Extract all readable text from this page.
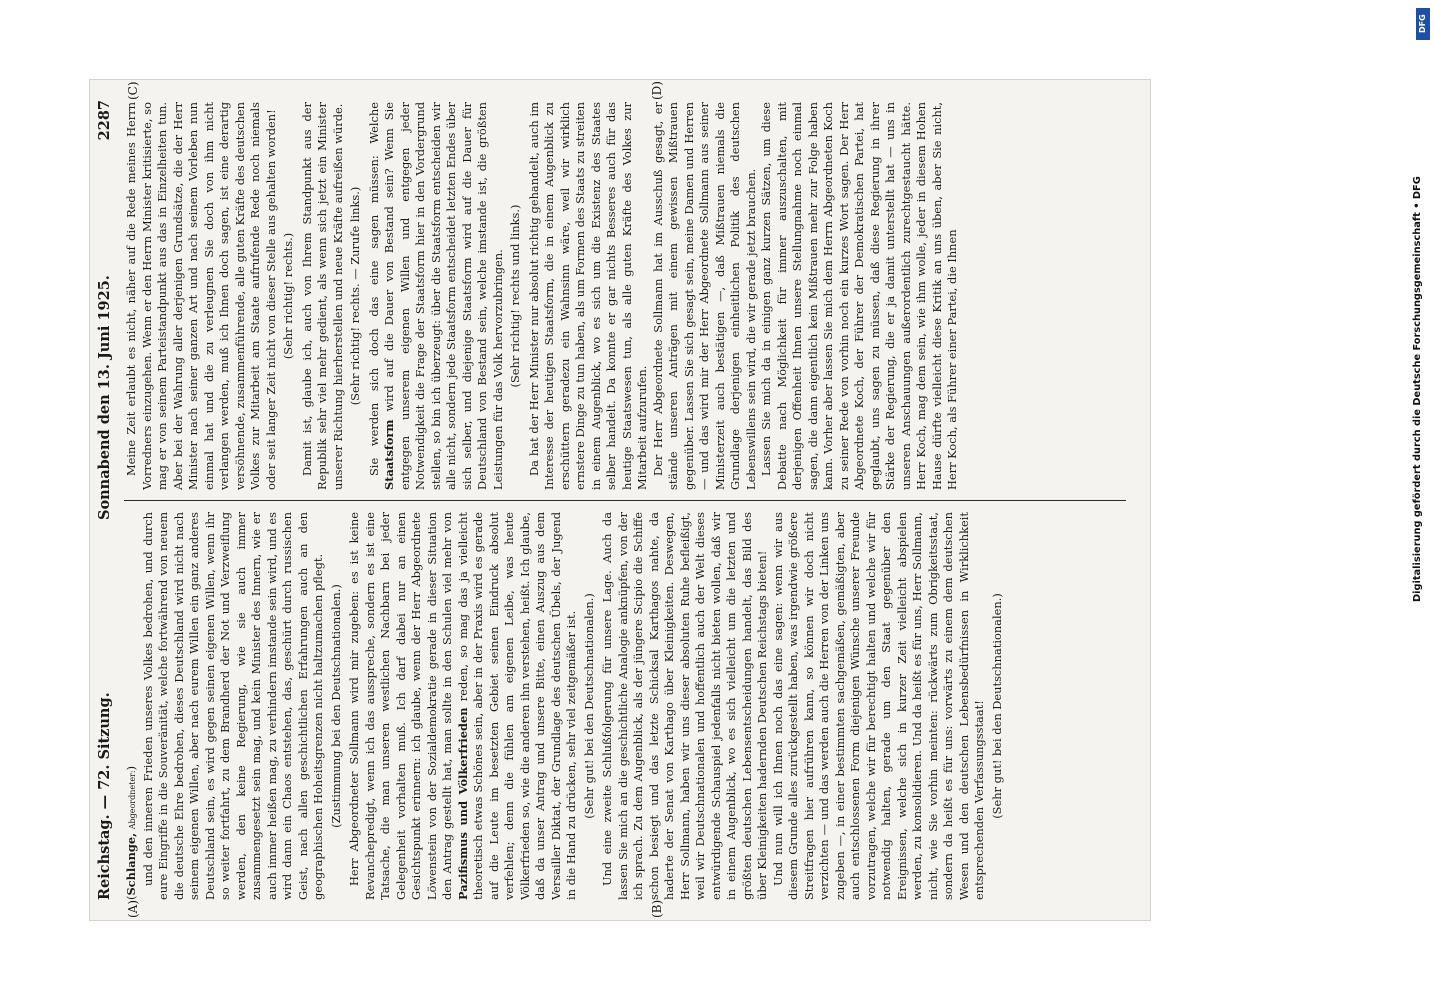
Reichstag. — 72. Sitzung.
Sonnabend den 13. Juni 1925.
2287
(A)	(B)
(C)	(D)

(Schlange, Abgeordneter:) und den inneren Frieden unseres Volkes bedrohen, und durch eure Eingriffe in die Souveränität, welche fortwährend von neuem die deutsche Ehre bedrohen, dieses Deutschland wird nicht nach seinem eigenen Willen, aber nach eurem Willen ein ganz anderes Deutschland sein, es wird gegen seinen eigenen Willen, wenn ihr so weiter fortfahrt, zu dem Brandherd der Not und Verzweiflung werden, den keine Regierung, wie sie auch immer zusammengesetzt sein mag, und kein Minister des Innern, wie er auch immer heißen mag, zu verhindern imstande sein wird, und es wird dann ein Chaos entstehen, das, geschürt durch russischen Geist, nach allen geschichtlichen Erfahrungen auch an den geographischen Hoheitsgrenzen nicht haltzumachen pflegt. (Zustimmung bei den Deutschnationalen.) Herr Abgeordneter Sollmann wird mir zugeben: es ist keine Revanchepredigt, wenn ich das ausspreche, sondern es ist eine Tatsache, die man unseren westlichen Nachbarn bei jeder Gelegenheit vorhalten muß. Ich darf dabei nur an einen Gesichtspunkt erinnern: ich glaube, wenn der Herr Abgeordnete Löwenstein von der Sozialdemokratie gerade in dieser Situation den Antrag gestellt hat, man sollte in den Schulen viel mehr von Pazifismus und Völkerfrieden reden, so mag das ja vielleicht theoretisch etwas Schönes sein, aber in der Praxis wird es gerade auf die Leute im besetzten Gebiet seinen Eindruck absolut verfehlen; denn die fühlen am eigenen Leibe, was heute Völkerfrieden so, wie die anderen ihn verstehen, heißt. Ich glaube, daß da unser Antrag und unsere Bitte, einen Auszug aus dem Versailler Diktat, der Grundlage des deutschen Übels, der Jugend in die Hand zu drücken, sehr viel zeitgemäßer ist. (Sehr gut! bei den Deutschnationalen.) Und eine zweite Schlußfolgerung für unsere Lage. Auch da lassen Sie mich an die geschichtliche Analogie anknüpfen, von der ich sprach. Zu dem Augenblick, als der jüngere Scipio die Schiffe schon besiegt und das letzte Schicksal Karthagos nahte, da haderte der Senat von Karthago über Kleinigkeiten. Deswegen, Herr Sollmann, haben wir uns dieser absoluten Ruhe befleißigt, weil wir Deutschnationalen und hoffentlich auch der Welt dieses entwürdigende Schauspiel jedenfalls nicht bieten wollen, daß wir in einem Augenblick, wo es sich vielleicht um die letzten und größten deutschen Lebensentscheidungen handelt, das Bild des über Kleinigkeiten hadernden Deutschen Reichstags bieten! Und nun will ich Ihnen noch das eine sagen: wenn wir aus diesem Grunde alles zurückgestellt haben, was irgendwie größere Streitfragen hier aufrühren kann, so können wir doch nicht verzichten — und das werden auch die Herren von der Linken uns zugeben —, in einer bestimmten sachgemäßen, gemäßigten, aber auch entschlossenen Form diejenigen Wünsche unserer Freunde vorzutragen, welche wir für berechtigt halten und welche wir für notwendig halten, gerade um den Staat gegenüber den Ereignissen, welche sich in kurzer Zeit vielleicht abspielen werden, zu konsolidieren. Und da heißt es für uns, Herr Sollmann, nicht, wie Sie vorhin meinten: rückwärts zum Obrigkeitsstaat, sondern da heißt es für uns: vorwärts zu einem dem deutschen Wesen und den deutschen Lebensbedürfnissen in Wirklichkeit entsprechenden Verfassungsstaat! (Sehr gut! bei den Deutschnationalen.)

Meine Zeit erlaubt es nicht, näher auf die Rede meines Herrn Vorredners einzugehen. Wenn er den Herrn Minister kritisierte, so mag er von seinem Parteistandpunkt aus das in Einzelheiten tun. Aber bei der Wahrung aller derjenigen Grundsätze, die der Herr Minister nach seiner ganzen Art und nach seinem Vorleben nun einmal hat und die zu verleugnen Sie doch von ihm nicht verlangen werden, muß ich Ihnen doch sagen, ist eine derartig versöhnende, zusammenführende, alle guten Kräfte des deutschen Volkes zur Mitarbeit am Staate aufrufende Rede noch niemals oder seit langer Zeit nicht von dieser Stelle aus gehalten worden! (Sehr richtig! rechts.) Damit ist, glaube ich, auch von Ihrem Standpunkt aus der Republik sehr viel mehr gedient, als wenn sich jetzt ein Minister unserer Richtung hierherstellen und neue Kräfte aufreißen würde. (Sehr richtig! rechts. — Zurufe links.) Sie werden sich doch das eine sagen müssen: Welche Staatsform wird auf die Dauer von Bestand sein? Wenn Sie entgegen unserem eigenen Willen und entgegen jeder Notwendigkeit die Frage der Staatsform hier in den Vordergrund stellen, so bin ich überzeugt: über die Staatsform entscheiden wir alle nicht, sondern jede Staatsform entscheidet letzten Endes über sich selber, und diejenige Staatsform wird auf die Dauer für Deutschland von Bestand sein, welche imstande ist, die größten Leistungen für das Volk hervorzubringen. (Sehr richtig! rechts und links.) Da hat der Herr Minister nur absolut richtig gehandelt, auch im Interesse der heutigen Staatsform, die in einem Augenblick zu erschüttern geradezu ein Wahnsinn wäre, weil wir wirklich ernstere Dinge zu tun haben, als um Formen des Staats zu streiten in einem Augenblick, wo es sich um die Existenz des Staates selber handelt. Da konnte er gar nichts Besseres auch für das heutige Staatswesen tun, als alle guten Kräfte des Volkes zur Mitarbeit aufzurufen. Der Herr Abgeordnete Sollmann hat im Ausschuß gesagt, er stände unseren Anträgen mit einem gewissen Mißtrauen gegenüber. Lassen Sie sich gesagt sein, meine Damen und Herren — und das wird mir der Herr Abgeordnete Sollmann aus seiner Ministerzeit auch bestätigen —, daß Mißtrauen niemals die Grundlage derjenigen einheitlichen Politik des deutschen Lebenswillens sein wird, die wir gerade jetzt brauchen. Lassen Sie mich da in einigen ganz kurzen Sätzen, um diese Debatte nach Möglichkeit für immer auszuschalten, mit derjenigen Offenheit Ihnen unsere Stellungnahme noch einmal sagen, die dann eigentlich kein Mißtrauen mehr zur Folge haben kann. Vorher aber lassen Sie mich dem Herrn Abgeordneten Koch zu seiner Rede von vorhin noch ein kurzes Wort sagen. Der Herr Abgeordnete Koch, der Führer der Demokratischen Partei, hat geglaubt, uns sagen zu müssen, daß diese Regierung in ihrer Stärke der Regierung, die er ja damit unterstellt hat — uns in unseren Anschauungen außerordentlich zurechtgestaucht hätte. Herr Koch, mag dem sein, wie ihm wolle, jeder in diesem Hohen Hause dürfte vielleicht diese Kritik an uns üben, aber Sie nicht, Herr Koch, als Führer einer Partei, die Ihnen	Digitalisierung gefördert durch die Deutsche Forschungsgemeinschaft • DFG
DFG
